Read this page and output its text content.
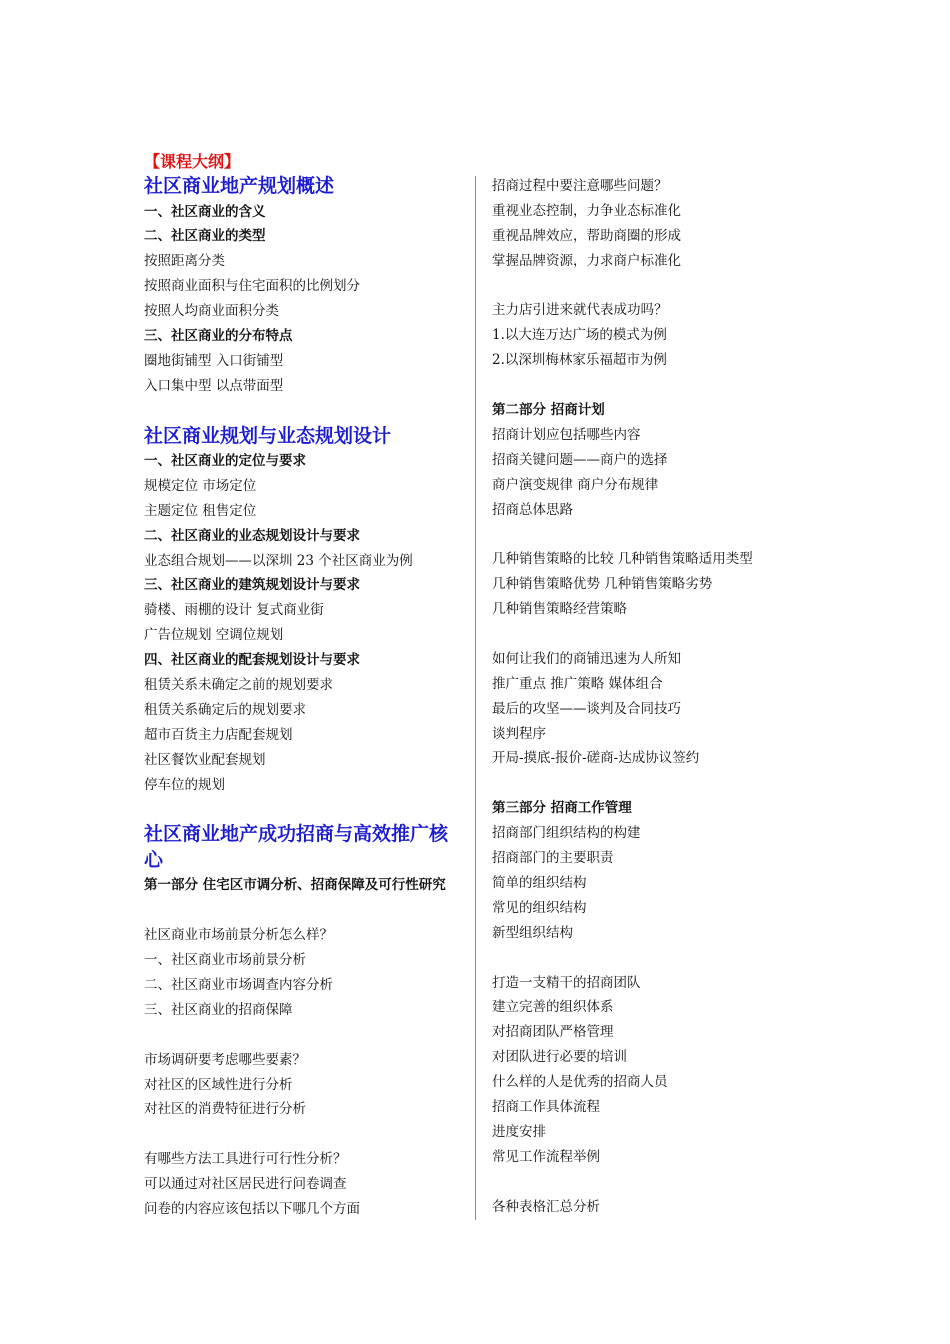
【课程大纲】
社区商业地产规划概述
一、社区商业的含义
二、社区商业的类型
按照距离分类
按照商业面积与住宅面积的比例划分
按照人均商业面积分类
三、社区商业的分布特点
圈地街铺型 入口街铺型
入口集中型 以点带面型
社区商业规划与业态规划设计
一、社区商业的定位与要求
规模定位 市场定位
主题定位 租售定位
二、社区商业的业态规划设计与要求
业态组合规划——以深圳 23 个社区商业为例
三、社区商业的建筑规划设计与要求
骑楼、雨棚的设计 复式商业街
广告位规划 空调位规划
四、社区商业的配套规划设计与要求
租赁关系未确定之前的规划要求
租赁关系确定后的规划要求
超市百货主力店配套规划
社区餐饮业配套规划
停车位的规划
社区商业地产成功招商与高效推广核心
第一部分 住宅区市调分析、招商保障及可行性研究
社区商业市场前景分析怎么样？
一、社区商业市场前景分析
二、社区商业市场调查内容分析
三、社区商业的招商保障
市场调研要考虑哪些要素？
对社区的区域性进行分析
对社区的消费特征进行分析
有哪些方法工具进行可行性分析？
可以通过对社区居民进行问卷调查
问卷的内容应该包括以下哪几个方面
招商过程中要注意哪些问题？
重视业态控制，力争业态标准化
重视品牌效应，帮助商圈的形成
掌握品牌资源，力求商户标准化
主力店引进来就代表成功吗？
1.以大连万达广场的模式为例
2.以深圳梅林家乐福超市为例
第二部分 招商计划
招商计划应包括哪些内容
招商关键问题——商户的选择
商户演变规律 商户分布规律
招商总体思路
几种销售策略的比较 几种销售策略适用类型
几种销售策略优势 几种销售策略劣势
几种销售策略经营策略
如何让我们的商铺迅速为人所知
推广重点 推广策略 媒体组合
最后的攻坚——谈判及合同技巧
谈判程序
开局-摸底-报价-磋商-达成协议签约
第三部分 招商工作管理
招商部门组织结构的构建
招商部门的主要职责
简单的组织结构
常见的组织结构
新型组织结构
打造一支精干的招商团队
建立完善的组织体系
对招商团队严格管理
对团队进行必要的培训
什么样的人是优秀的招商人员
招商工作具体流程
进度安排
常见工作流程举例
各种表格汇总分析
